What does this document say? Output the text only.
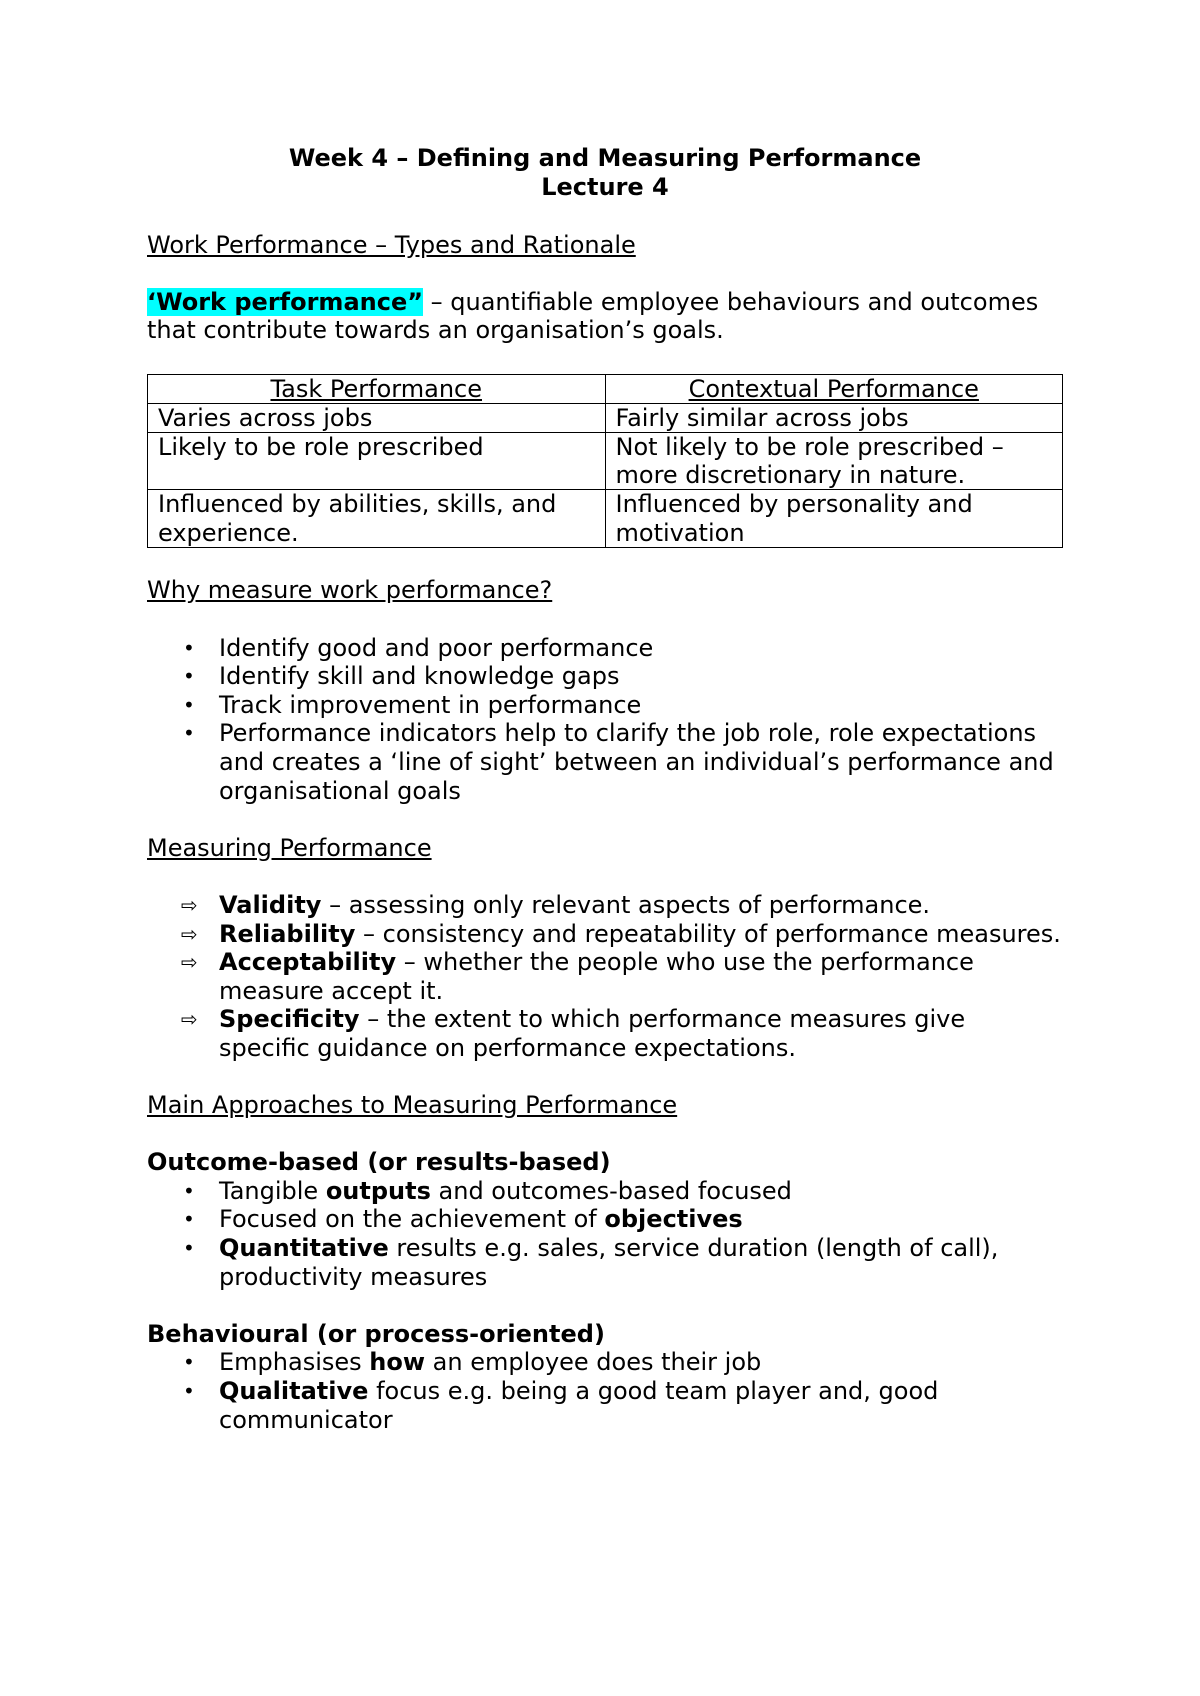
Week 4 – Defining and Measuring Performance
Lecture 4

Work Performance – Types and Rationale

‘Work performance” – quantifiable employee behaviours and outcomes that contribute towards an organisation’s goals.

Task Performance	Contextual Performance
Varies across jobs	Fairly similar across jobs
Likely to be role prescribed	Not likely to be role prescribed – more discretionary in nature.
Influenced by abilities, skills, and experience.	Influenced by personality and motivation

Why measure work performance?

• Identify good and poor performance
• Identify skill and knowledge gaps
• Track improvement in performance
• Performance indicators help to clarify the job role, role expectations and creates a ‘line of sight’ between an individual’s performance and organisational goals

Measuring Performance

⇨ Validity – assessing only relevant aspects of performance.
⇨ Reliability – consistency and repeatability of performance measures.
⇨ Acceptability – whether the people who use the performance measure accept it.
⇨ Specificity – the extent to which performance measures give specific guidance on performance expectations.

Main Approaches to Measuring Performance

Outcome-based (or results-based)

• Tangible outputs and outcomes-based focused
• Focused on the achievement of objectives
• Quantitative results e.g. sales, service duration (length of call), productivity measures

Behavioural (or process-oriented)

• Emphasises how an employee does their job
• Qualitative focus e.g. being a good team player and, good communicator
